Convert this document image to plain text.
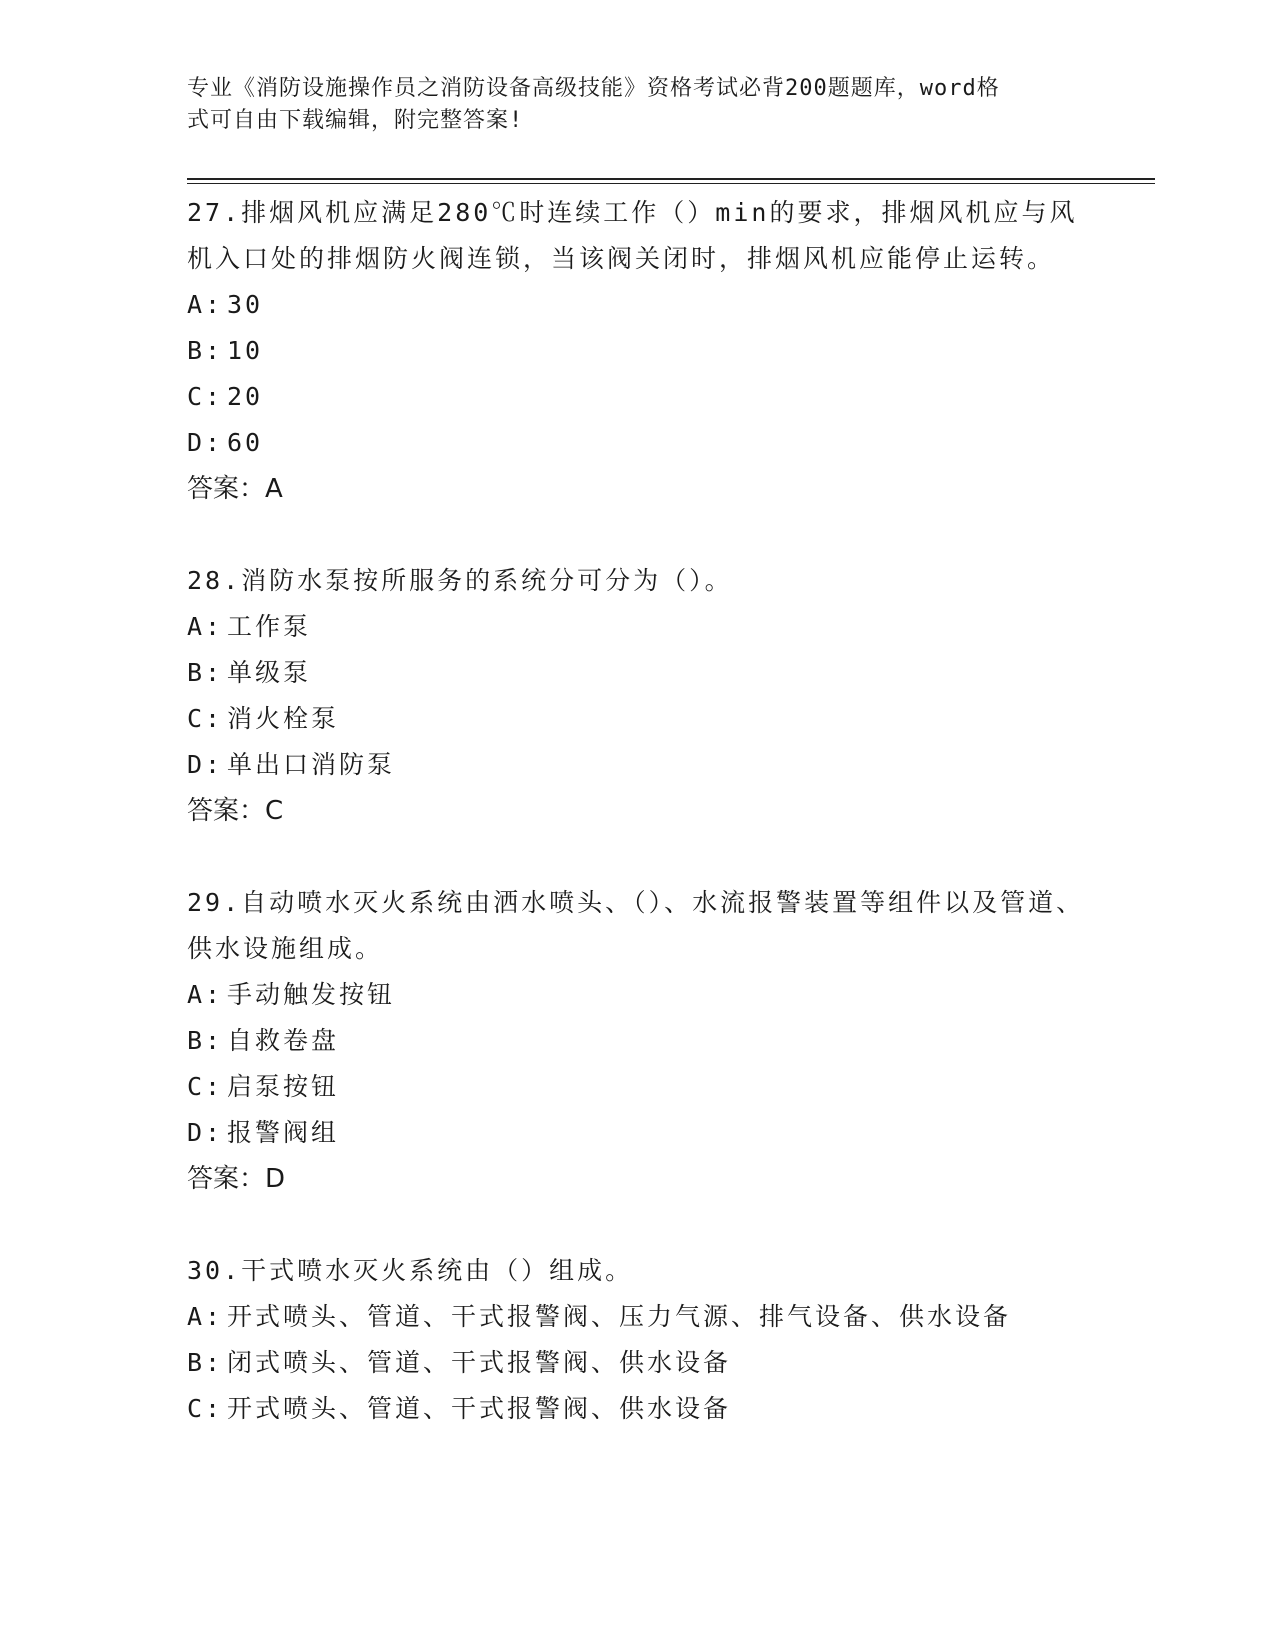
专业《消防设施操作员之消防设备高级技能》资格考试必背200题题库，word格
式可自由下载编辑，附完整答案!

27.排烟风机应满足280℃时连续工作（）min的要求，排烟风机应与风机入口处的排烟防火阀连锁，当该阀关闭时，排烟风机应能停止运转。

A: 30
B: 10
C: 20
D: 60
答案：A

28.消防水泵按所服务的系统分可分为（）。

A: 工作泵
B: 单级泵
C: 消火栓泵
D: 单出口消防泵
答案：C

29.自动喷水灭火系统由洒水喷头、（）、水流报警装置等组件以及管道、供水设施组成。

A: 手动触发按钮
B: 自救卷盘
C: 启泵按钮
D: 报警阀组
答案：D

30.干式喷水灭火系统由（）组成。

A: 开式喷头、管道、干式报警阀、压力气源、排气设备、供水设备
B: 闭式喷头、管道、干式报警阀、供水设备
C: 开式喷头、管道、干式报警阀、供水设备
